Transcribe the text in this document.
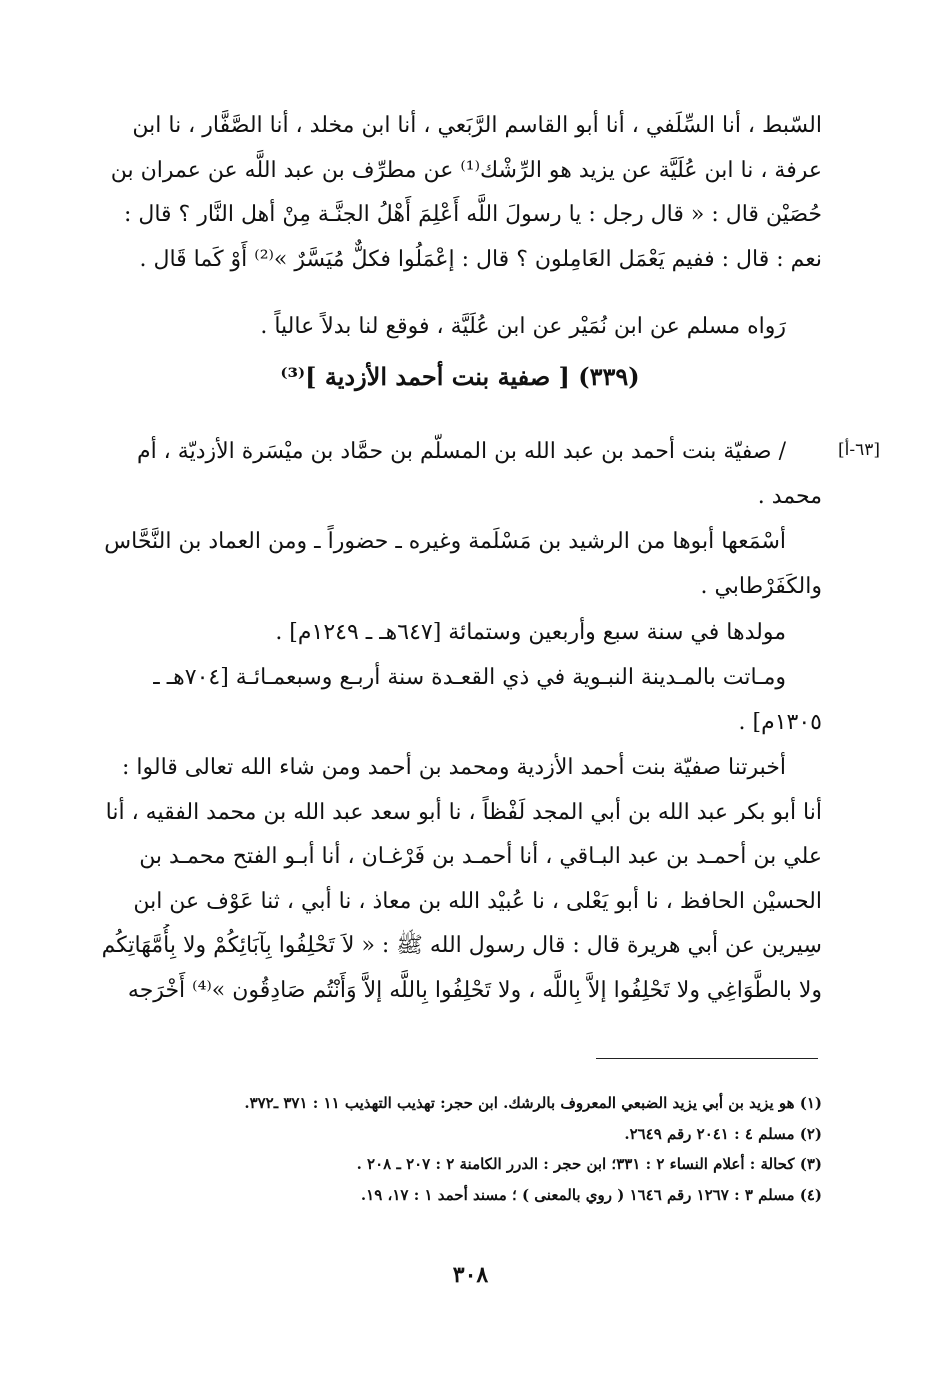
السّبط ، أنا السِّلَفي ، أنا أبو القاسم الرَّبَعي ، أنا ابن مخلد ، أنا الصَّفَّار ، نا ابن
عرفة ، نا ابن عُلَيَّة عن يزيد هو الرِّشْك⁽¹⁾ عن مطرِّف بن عبد اللَّه عن عمران بن
حُصَيْن قال : « قال رجل : يا رسولَ اللَّه أَعْلِمَ أَهْلُ الجنَّـة مِنْ أهل النَّار ؟ قال :
نعم : قال : ففيم يَعْمَل العَامِلون ؟ قال : إعْمَلُوا فكلٌّ مُيَسَّرٌ »⁽²⁾ أَوْ كَما قَال .
رَواه مسلم عن ابن نُمَيْر عن ابن عُلَيَّة ، فوقع لنا بدلاً عالياً .
(٣٣٩) [ صفية بنت أحمد الأزدية ]⁽³⁾
[٦٣-أ]
/ صفيّة بنت أحمد بن عبد الله بن المسلّم بن حمَّاد بن ميْسَرة الأزديّة ، أم
محمد .
أسْمَعها أبوها من الرشيد بن مَسْلَمة وغيره ـ حضوراً ـ ومن العماد بن النَّحَّاس
والكَفَرْطابي .
مولدها في سنة سبع وأربعين وستمائة [٦٤٧هـ ـ ١٢٤٩م] .
ومـاتت بالمـدينة النبـوية في ذي القعـدة سنة أربـع وسبعمـائـة [٧٠٤هـ ـ
١٣٠٥م] .
أخبرتنا صفيّة بنت أحمد الأزدية ومحمد بن أحمد ومن شاء الله تعالى قالوا :
أنا أبو بكر عبد الله بن أبي المجد لَفْظاً ، نا أبو سعد عبد الله بن محمد الفقيه ، أنا
علي بن أحمـد بن عبد البـاقي ، أنا أحمـد بن فَرْغـان ، أنا أبـو الفتح محمـد بن
الحسيْن الحافظ ، نا أبو يَعْلى ، نا عُبيْد الله بن معاذ ، نا أبي ، ثنا عَوْف عن ابن
سِيرين عن أبي هريرة قال : قال رسول الله ﷺ : « لاَ تَحْلِفُوا بِآبَائِكُمْ ولا بِأُمَّهَاتِكُم
ولا بالطَّوَاغِي ولا تَحْلِفُوا إلاَّ بِاللَّه ، ولا تَحْلِفُوا بِاللَّه إلاَّ وَأَنْتُم صَادِقُون »⁽⁴⁾ أَخْرَجه
(١) هو يزيد بن أبي يزيد الضبعي المعروف بالرشك. ابن حجر: تهذيب التهذيب ١١ : ٣٧١ ـ٣٧٢.
(٢) مسلم ٤ : ٢٠٤١ رقم ٢٦٤٩.
(٣) كحالة : أعلام النساء ٢ : ٣٣١؛ ابن حجر : الدرر الكامنة ٢ : ٢٠٧ ـ ٢٠٨ .
(٤) مسلم ٣ : ١٢٦٧ رقم ١٦٤٦ ( روي بالمعنى ) ؛ مسند أحمد ١ : ١٧، ١٩.
٣٠٨
